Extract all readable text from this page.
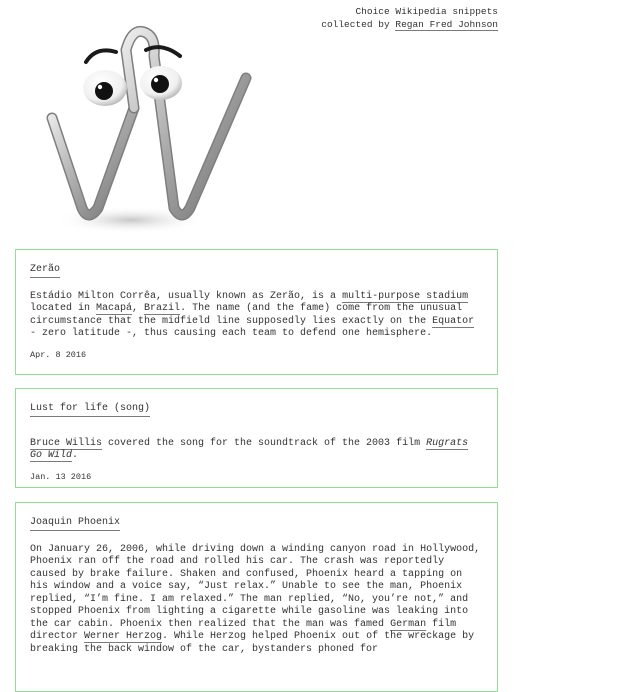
Choice Wikipedia snippets
collected by Regan Fred Johnson
Zerão
Estádio Milton Corrêa, usually known as Zerão, is a multi-purpose stadium located in Macapá, Brazil. The name (and the fame) come from the unusual circumstance that the midfield line supposedly lies exactly on the Equator - zero latitude -, thus causing each team to defend one hemisphere.
Apr. 8 2016
Lust for life (song)
Bruce Willis covered the song for the soundtrack of the 2003 film Rugrats Go Wild.
Jan. 13 2016
Joaquin Phoenix
On January 26, 2006, while driving down a winding canyon road in Hollywood, Phoenix ran off the road and rolled his car. The crash was reportedly caused by brake failure. Shaken and confused, Phoenix heard a tapping on his window and a voice say, “Just relax.” Unable to see the man, Phoenix replied, “I’m fine. I am relaxed.” The man replied, “No, you’re not,” and stopped Phoenix from lighting a cigarette while gasoline was leaking into the car cabin. Phoenix then realized that the man was famed German film director Werner Herzog. While Herzog helped Phoenix out of the wreckage by breaking the back window of the car, bystanders phoned for
